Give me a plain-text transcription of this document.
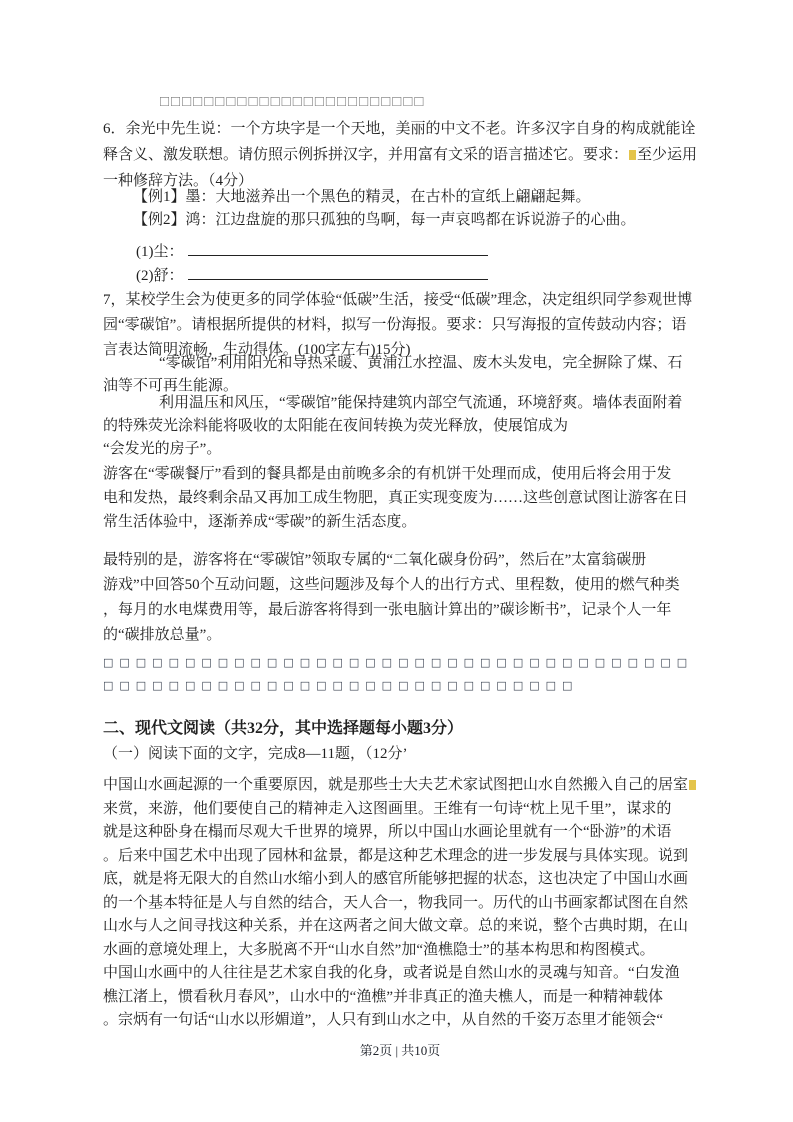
□□□□□□□□□□□□□□□□□□□□□□□□
6．余光中先生说：一个方块字是一个天地，美丽的中文不老。许多汉字自身的构成就能诠
释含义、激发联想。请仿照示例拆拼汉字，并用富有文采的语言描述它。要求： 至少运用
一种修辞方法。（4分）
【例1】墨：大地滋养出一个黑色的精灵，在古朴的宣纸上翩翩起舞。
【例2】鸿：江边盘旋的那只孤独的鸟啊，每一声哀鸣都在诉说游子的心曲。
(1)尘：
(2)舒：
7，某校学生会为使更多的同学体验“低碳”生活，接受“低碳”理念，决定组织同学参观世博
园“零碳馆”。请根据所提供的材料，拟写一份海报。要求：只写海报的宣传鼓动内容；语
言表达简明流畅，生动得体。(100字左右)15分)
“零碳馆”利用阳光和导热采暖、黄浦江水控温、废木头发电，完全摒除了煤、石
油等不可再生能源。
利用温压和风压，“零碳馆”能保持建筑内部空气流通，环境舒爽。墙体表面附着
的特殊荧光涂料能将吸收的太阳能在夜间转换为荧光释放，使展馆成为
“会发光的房子”。
游客在“零碳餐厅”看到的餐具都是由前晚多余的有机饼干处理而成，使用后将会用于发
电和发热，最终剩余品又再加工成生物肥，真正实现变废为……这些创意试图让游客在日
常生活体验中，逐渐养成“零碳”的新生活态度。
最特别的是，游客将在“零碳馆”领取专属的“二氧化碳身份码”，然后在”太富翁碳册
游戏”中回答50个互动问题，这些问题涉及每个人的出行方式、里程数，使用的燃气种类
，每月的水电煤费用等，最后游客将得到一张电脑计算出的”碳诊断书”，记录个人一年
的“碳排放总量”。
□□□□□□□□□□□□□□□□□□□□□□□□□□□□□□□□□□□□
□□□□□□□□□□□□□□□□□□□□□□□□□□□□□
二、现代文阅读（共32分，其中选择题每小题3分）
（一）阅读下面的文字，完成8—11题，（12分’
中国山水画起源的一个重要原因，就是那些士大夫艺术家试图把山水自然搬入自己的居室
来赏，来游，他们要使自己的精神走入这图画里。王维有一句诗“枕上见千里”，谋求的
就是这种卧身在榻而尽观大千世界的境界，所以中国山水画论里就有一个“卧游”的术语
。后来中国艺术中出现了园林和盆景，都是这种艺术理念的进一步发展与具体实现。说到
底，就是将无限大的自然山水缩小到人的感官所能够把握的状态，这也决定了中国山水画
的一个基本特征是人与自然的结合，天人合一，物我同一。历代的山书画家都试图在自然
山水与人之间寻找这种关系，并在这两者之间大做文章。总的来说，整个古典时期，在山
水画的意境处理上，大多脱离不开“山水自然”加“渔樵隐士”的基本构思和构图模式。
中国山水画中的人往往是艺术家自我的化身，或者说是自然山水的灵魂与知音。“白发渔
樵江渚上，惯看秋月春风”，山水中的“渔樵”并非真正的渔夫樵人，而是一种精神载体
。宗炳有一句话“山水以形媚道”，人只有到山水之中，从自然的千姿万态里才能领会“
第2页 | 共10页
